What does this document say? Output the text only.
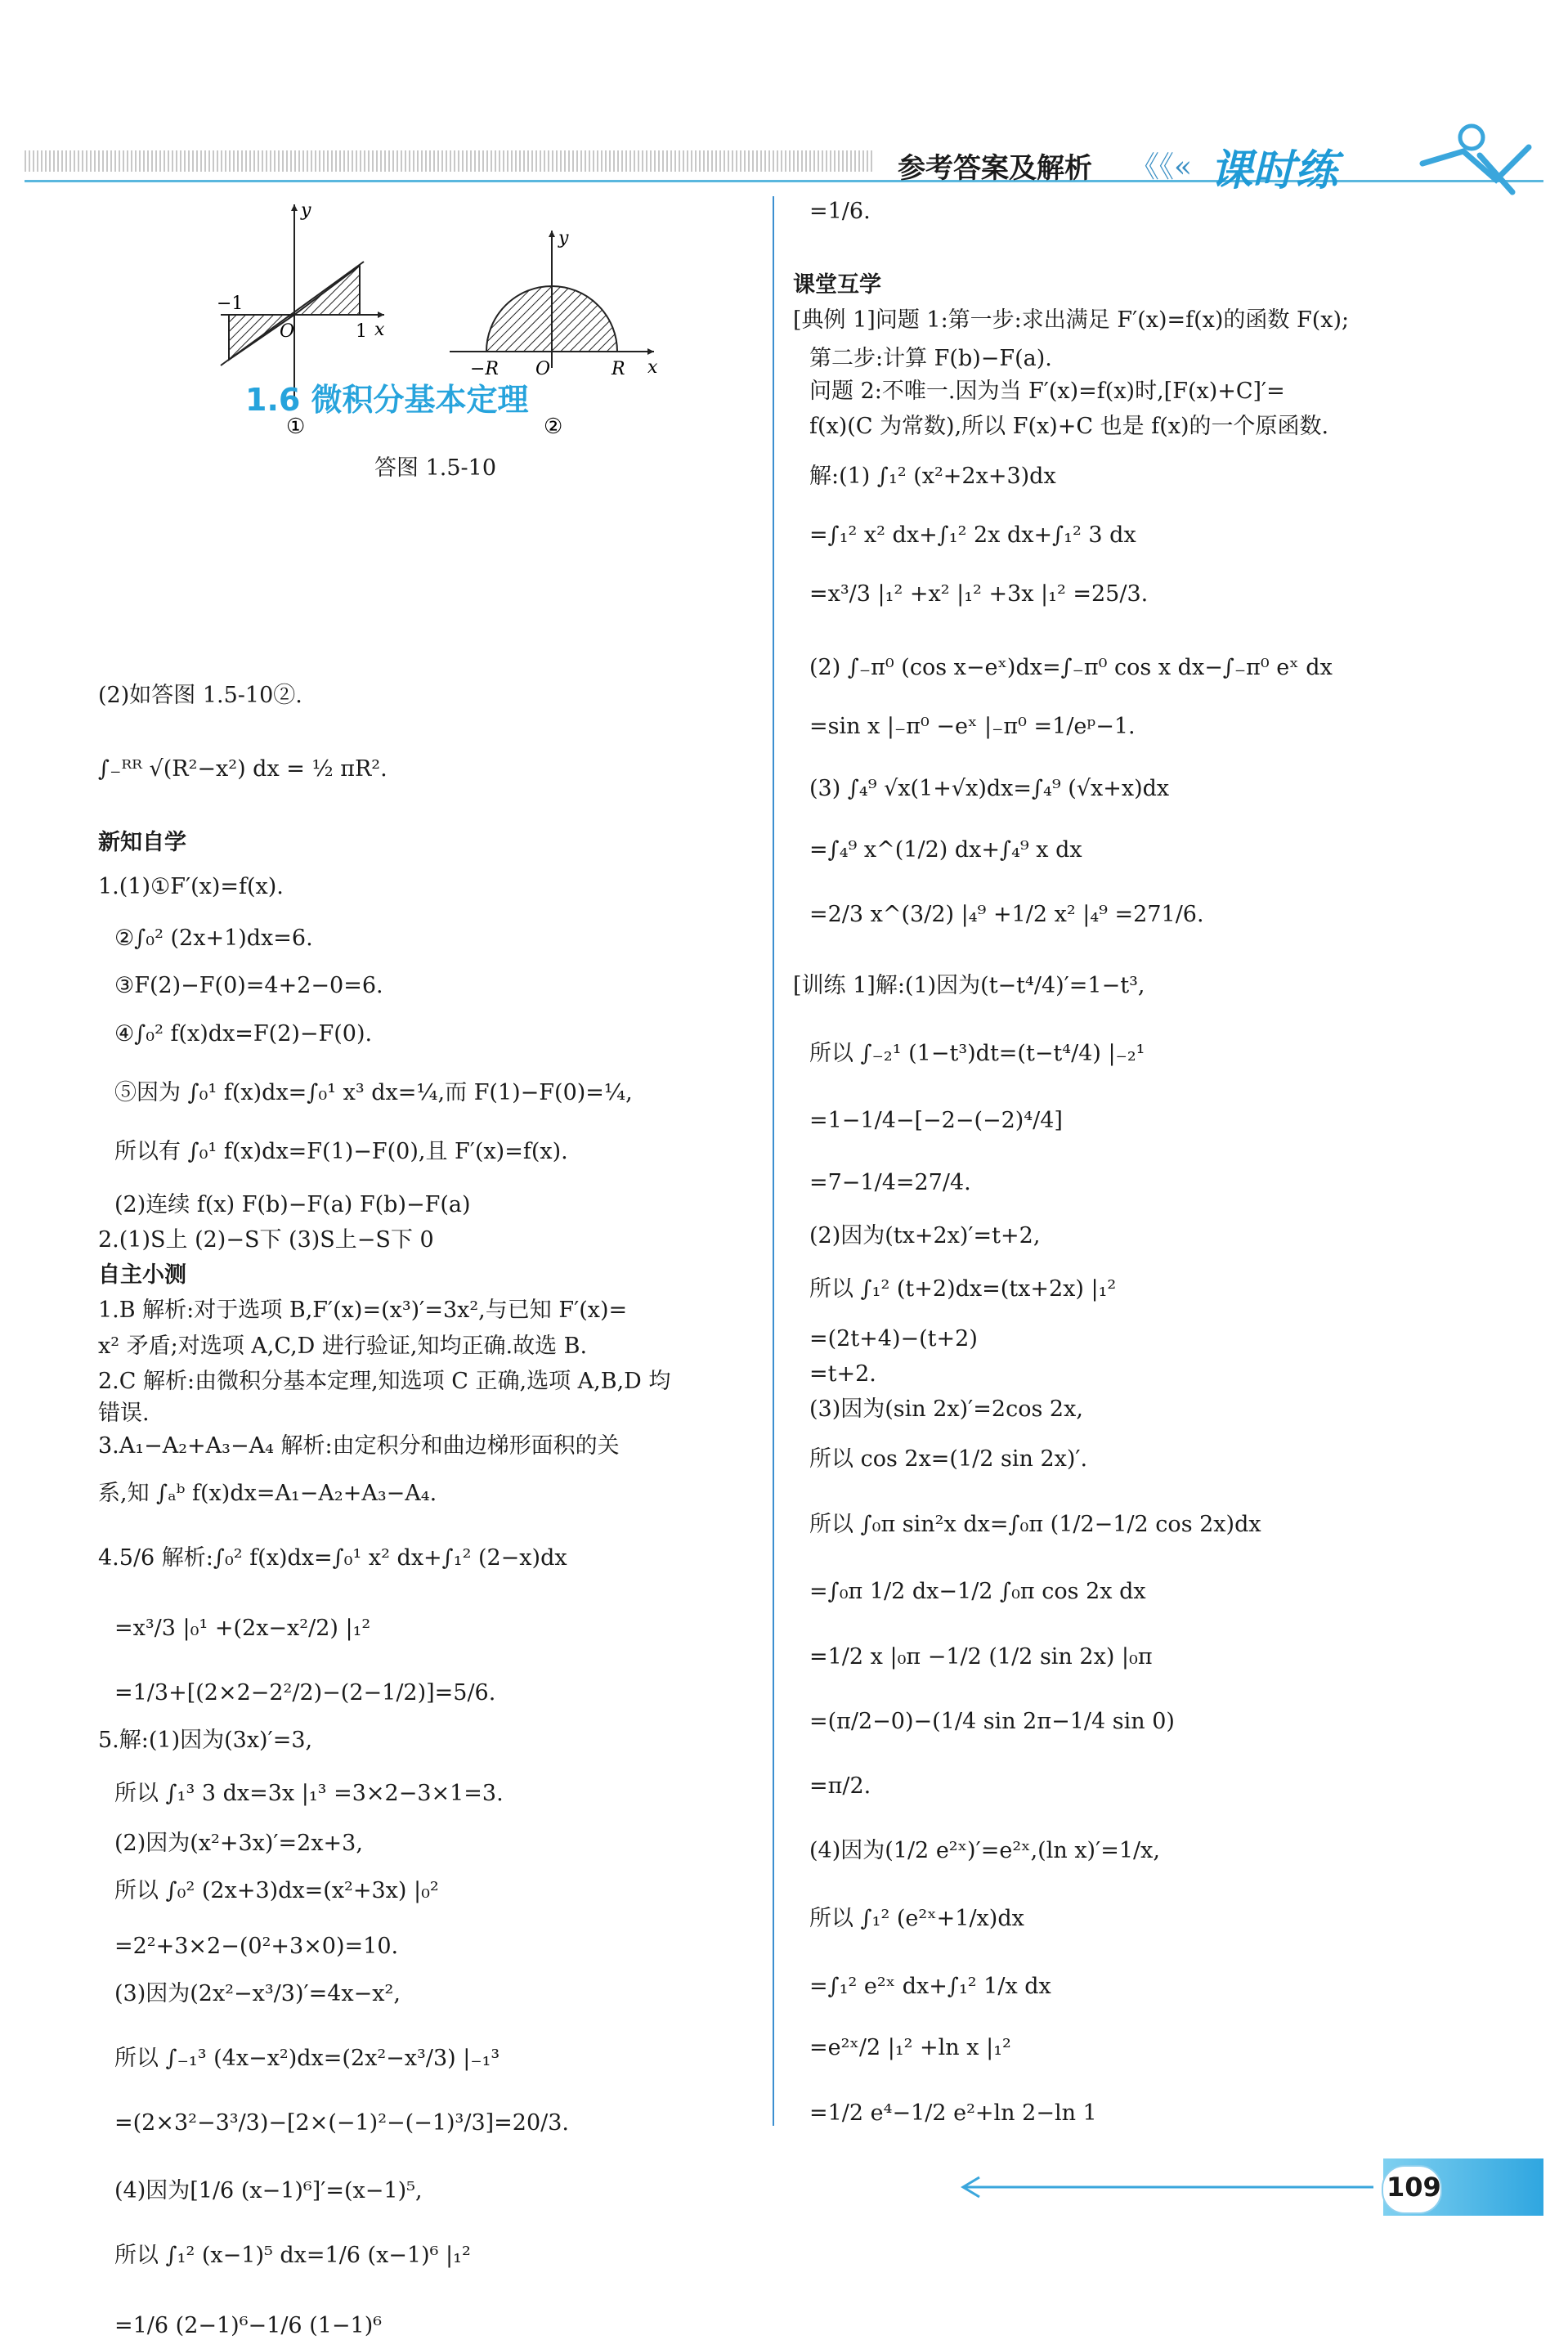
参考答案及解析 《《« 课时练
−1
1
O	x
y
①
−R	R
O	x
y
②
答图 1.5-10
1.6 微积分基本定理
(2)如答图 1.5-10②.
∫₋ᴿᴿ √(R²−x²) dx = ½ πR².
新知自学
1.(1)①F′(x)=f(x).
②∫₀² (2x+1)dx=6.
③F(2)−F(0)=4+2−0=6.
④∫₀² f(x)dx=F(2)−F(0).
⑤因为 ∫₀¹ f(x)dx=∫₀¹ x³ dx=¼,而 F(1)−F(0)=¼,
所以有 ∫₀¹ f(x)dx=F(1)−F(0),且 F′(x)=f(x).
(2)连续 f(x) F(b)−F(a) F(b)−F(a)
2.(1)S上 (2)−S下 (3)S上−S下 0
自主小测
1.B 解析:对于选项 B,F′(x)=(x³)′=3x²,与已知 F′(x)=
x² 矛盾;对选项 A,C,D 进行验证,知均正确.故选 B.
2.C 解析:由微积分基本定理,知选项 C 正确,选项 A,B,D 均
错误.
3.A₁−A₂+A₃−A₄ 解析:由定积分和曲边梯形面积的关
系,知 ∫ₐᵇ f(x)dx=A₁−A₂+A₃−A₄.
4.5/6 解析:∫₀² f(x)dx=∫₀¹ x² dx+∫₁² (2−x)dx
=x³/3 |₀¹ +(2x−x²/2) |₁²
=1/3+[(2×2−2²/2)−(2−1/2)]=5/6.
5.解:(1)因为(3x)′=3,
所以 ∫₁³ 3 dx=3x |₁³ =3×2−3×1=3.
(2)因为(x²+3x)′=2x+3,
所以 ∫₀² (2x+3)dx=(x²+3x) |₀²
=2²+3×2−(0²+3×0)=10.
(3)因为(2x²−x³/3)′=4x−x²,
所以 ∫₋₁³ (4x−x²)dx=(2x²−x³/3) |₋₁³
=(2×3²−3³/3)−[2×(−1)²−(−1)³/3]=20/3.
(4)因为[1/6 (x−1)⁶]′=(x−1)⁵,
所以 ∫₁² (x−1)⁵ dx=1/6 (x−1)⁶ |₁²
=1/6 (2−1)⁶−1/6 (1−1)⁶
=1/6.
课堂互学
[典例 1]问题 1:第一步:求出满足 F′(x)=f(x)的函数 F(x);
第二步:计算 F(b)−F(a).
问题 2:不唯一.因为当 F′(x)=f(x)时,[F(x)+C]′=
f(x)(C 为常数),所以 F(x)+C 也是 f(x)的一个原函数.
解:(1) ∫₁² (x²+2x+3)dx
=∫₁² x² dx+∫₁² 2x dx+∫₁² 3 dx
=x³/3 |₁² +x² |₁² +3x |₁² =25/3.
(2) ∫₋π⁰ (cos x−eˣ)dx=∫₋π⁰ cos x dx−∫₋π⁰ eˣ dx
=sin x |₋π⁰ −eˣ |₋π⁰ =1/eᵖ−1.
(3) ∫₄⁹ √x(1+√x)dx=∫₄⁹ (√x+x)dx
=∫₄⁹ x^(1/2) dx+∫₄⁹ x dx
=2/3 x^(3/2) |₄⁹ +1/2 x² |₄⁹ =271/6.
[训练 1]解:(1)因为(t−t⁴/4)′=1−t³,
所以 ∫₋₂¹ (1−t³)dt=(t−t⁴/4) |₋₂¹
=1−1/4−[−2−(−2)⁴/4]
=7−1/4=27/4.
(2)因为(tx+2x)′=t+2,
所以 ∫₁² (t+2)dx=(tx+2x) |₁²
=(2t+4)−(t+2)
=t+2.
(3)因为(sin 2x)′=2cos 2x,
所以 cos 2x=(1/2 sin 2x)′.
所以 ∫₀π sin²x dx=∫₀π (1/2−1/2 cos 2x)dx
=∫₀π 1/2 dx−1/2 ∫₀π cos 2x dx
=1/2 x |₀π −1/2 (1/2 sin 2x) |₀π
=(π/2−0)−(1/4 sin 2π−1/4 sin 0)
=π/2.
(4)因为(1/2 e²ˣ)′=e²ˣ,(ln x)′=1/x,
所以 ∫₁² (e²ˣ+1/x)dx
=∫₁² e²ˣ dx+∫₁² 1/x dx
=e²ˣ/2 |₁² +ln x |₁²
=1/2 e⁴−1/2 e²+ln 2−ln 1
109
